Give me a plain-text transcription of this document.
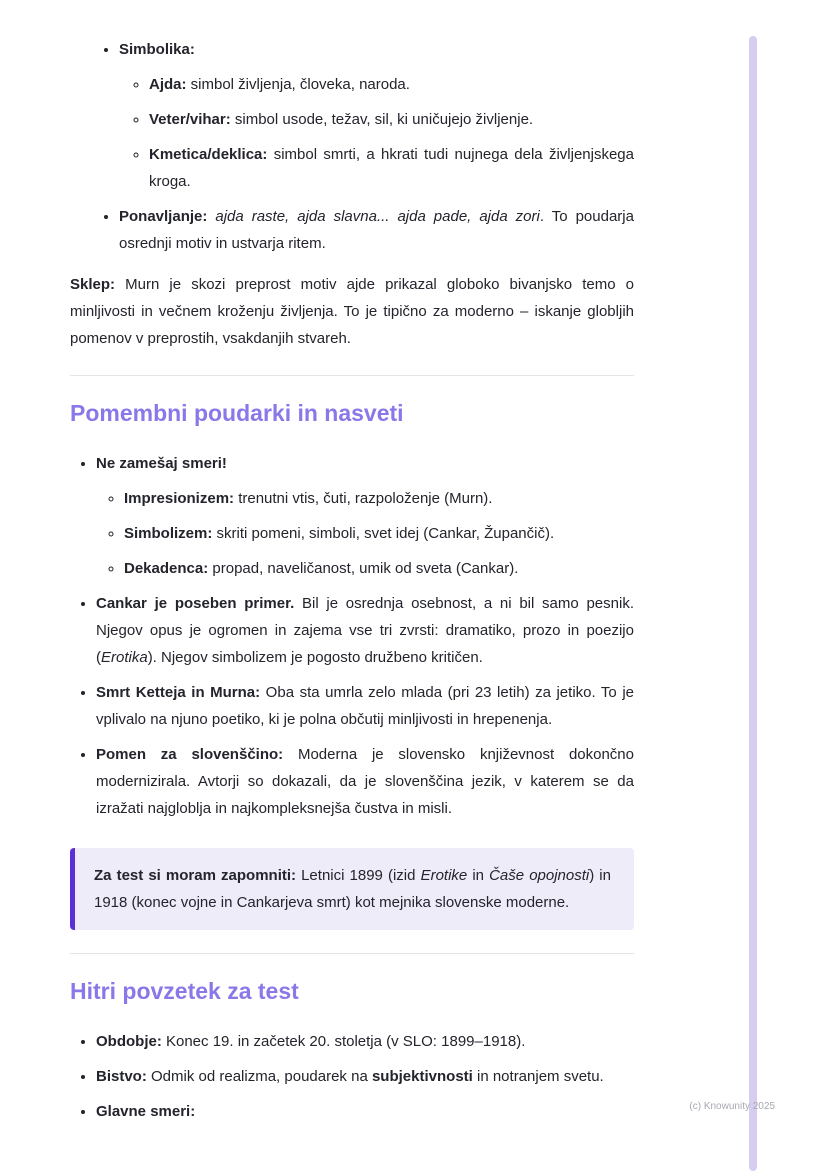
• Simbolika:
◦ Ajda: simbol življenja, človeka, naroda.
◦ Veter/vihar: simbol usode, težav, sil, ki uničujejo življenje.
◦ Kmetica/deklica: simbol smrti, a hkrati tudi nujnega dela življenjskega kroga.
• Ponavljanje: ajda raste, ajda slavna... ajda pade, ajda zori. To poudarja osrednji motiv in ustvarja ritem.

Sklep: Murn je skozi preprost motiv ajde prikazal globoko bivanjsko temo o minljivosti in večnem kroženju življenja. To je tipično za moderno – iskanje globljih pomenov v preprostih, vsakdanjih stvareh.

Pomembni poudarki in nasveti
• Ne zamešaj smeri!
◦ Impresionizem: trenutni vtis, čuti, razpoloženje (Murn).
◦ Simbolizem: skriti pomeni, simboli, svet idej (Cankar, Župančič).
◦ Dekadenca: propad, naveličanost, umik od sveta (Cankar).
• Cankar je poseben primer. Bil je osrednja osebnost, a ni bil samo pesnik. Njegov opus je ogromen in zajema vse tri zvrsti: dramatiko, prozo in poezijo (Erotika). Njegov simbolizem je pogosto družbeno kritičen.
• Smrt Ketteja in Murna: Oba sta umrla zelo mlada (pri 23 letih) za jetiko. To je vplivalo na njuno poetiko, ki je polna občutij minljivosti in hrepenenja.
• Pomen za slovenščino: Moderna je slovensko književnost dokončno modernizirala. Avtorji so dokazali, da je slovenščina jezik, v katerem se da izražati najgloblja in najkompleksnejša čustva in misli.

Za test si moram zapomniti: Letnici 1899 (izid Erotike in Čaše opojnosti) in 1918 (konec vojne in Cankarjeva smrt) kot mejnika slovenske moderne.

Hitri povzetek za test
• Obdobje: Konec 19. in začetek 20. stoletja (v SLO: 1899–1918).
• Bistvo: Odmik od realizma, poudarek na subjektivnosti in notranjem svetu.
• Glavne smeri:	(c) Knowunity 2025
